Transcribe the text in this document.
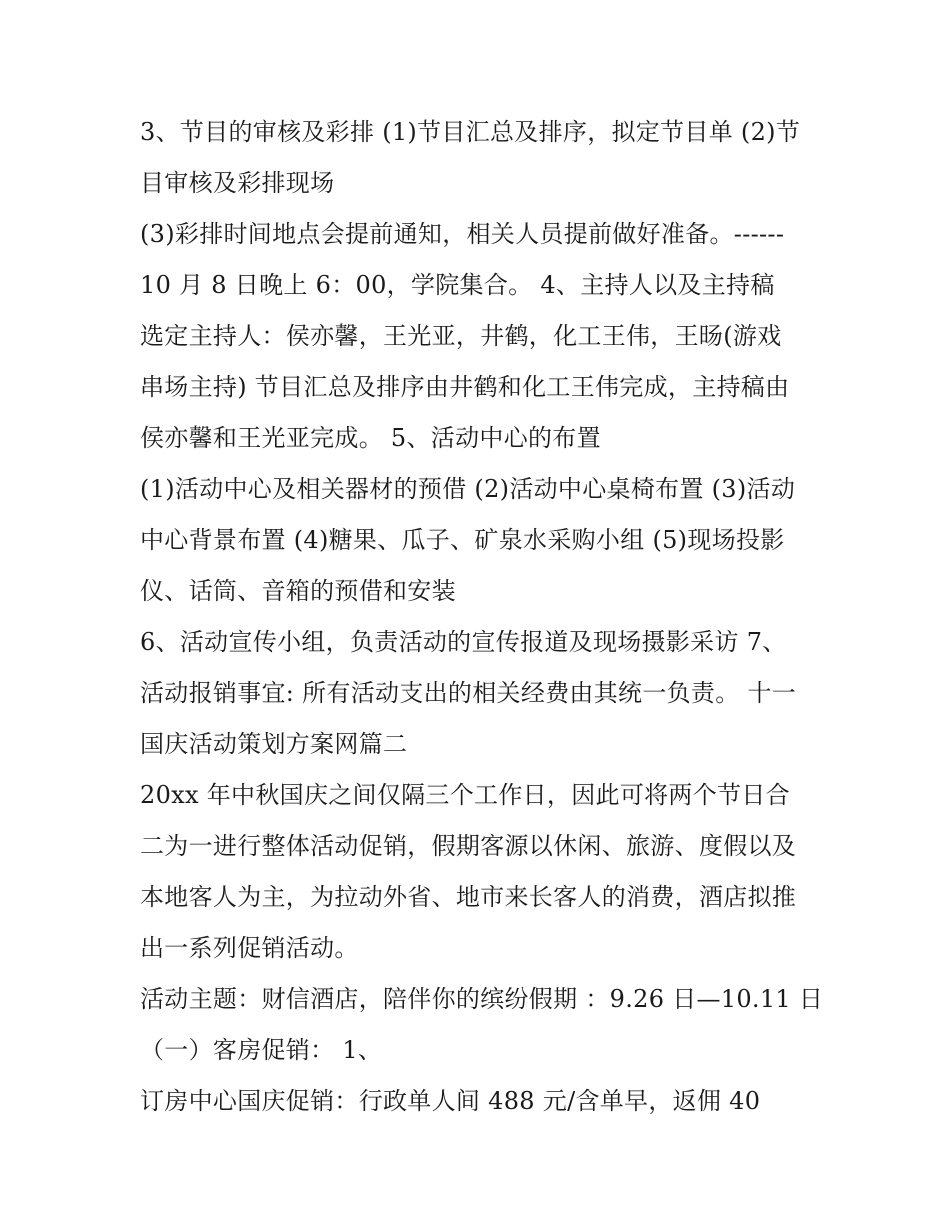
3、节目的审核及彩排 (1)节目汇总及排序，拟定节目单 (2)节
目审核及彩排现场
(3)彩排时间地点会提前通知，相关人员提前做好准备。------
10 月 8 日晚上 6：00，学院集合。 4、主持人以及主持稿
选定主持人：侯亦馨，王光亚，井鹤，化工王伟，王旸(游戏
串场主持) 节目汇总及排序由井鹤和化工王伟完成，主持稿由
侯亦馨和王光亚完成。 5、活动中心的布置
(1)活动中心及相关器材的预借 (2)活动中心桌椅布置 (3)活动
中心背景布置 (4)糖果、瓜子、矿泉水采购小组 (5)现场投影
仪、话筒、音箱的预借和安装
6、活动宣传小组，负责活动的宣传报道及现场摄影采访 7、
活动报销事宜: 所有活动支出的相关经费由其统一负责。 十一
国庆活动策划方案网篇二
20xx 年中秋国庆之间仅隔三个工作日，因此可将两个节日合
二为一进行整体活动促销，假期客源以休闲、旅游、度假以及
本地客人为主，为拉动外省、地市来长客人的消费，酒店拟推
出一系列促销活动。
活动主题：财信酒店，陪伴你的缤纷假期 ：9.26 日—10.11 日
（一）客房促销： 1、
订房中心国庆促销：行政单人间 488 元/含单早，返佣 40
